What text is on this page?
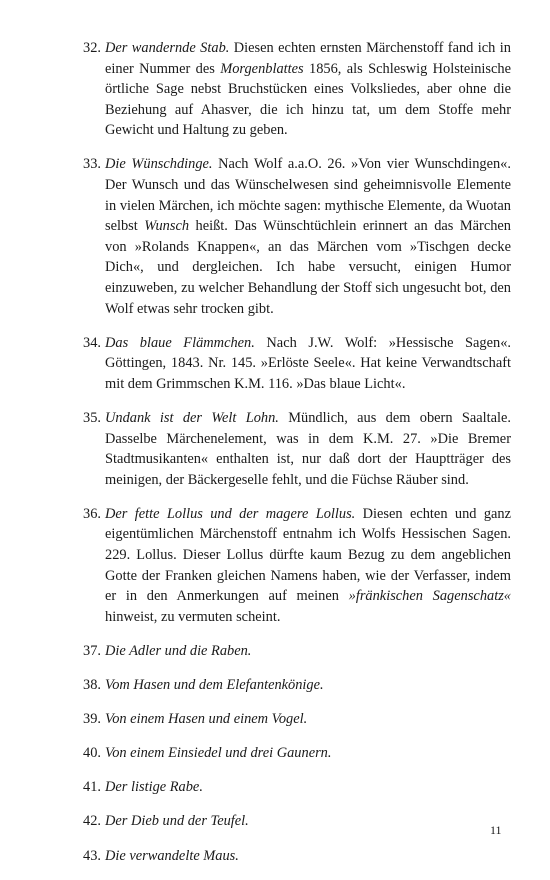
32. Der wandernde Stab. Diesen echten ernsten Märchenstoff fand ich in einer Nummer des Morgenblattes 1856, als Schleswig Holsteinische örtliche Sage nebst Bruchstücken eines Volksliedes, aber ohne die Beziehung auf Ahasver, die ich hinzu tat, um dem Stoffe mehr Gewicht und Haltung zu geben.

33. Die Wünschdinge. Nach Wolf a.a.O. 26. »Von vier Wunschdingen«. Der Wunsch und das Wünschelwesen sind geheimnisvolle Elemente in vielen Märchen, ich möchte sagen: mythische Elemente, da Wuotan selbst Wunsch heißt. Das Wünschtüchlein erinnert an das Märchen von »Rolands Knappen«, an das Märchen vom »Tischgen decke Dich«, und dergleichen. Ich habe versucht, einigen Humor einzuweben, zu welcher Behandlung der Stoff sich ungesucht bot, den Wolf etwas sehr trocken gibt.

34. Das blaue Flämmchen. Nach J.W. Wolf: »Hessische Sagen«. Göttingen, 1843. Nr. 145. »Erlöste Seele«. Hat keine Verwandtschaft mit dem Grimmschen K.M. 116. »Das blaue Licht«.

35. Undank ist der Welt Lohn. Mündlich, aus dem obern Saaltale. Dasselbe Märchenelement, was in dem K.M. 27. »Die Bremer Stadtmusikanten« enthalten ist, nur daß dort der Hauptträger des meinigen, der Bäckergeselle fehlt, und die Füchse Räuber sind.

36. Der fette Lollus und der magere Lollus. Diesen echten und ganz eigentümlichen Märchenstoff entnahm ich Wolfs Hessischen Sagen. 229. Lollus. Dieser Lollus dürfte kaum Bezug zu dem angeblichen Gotte der Franken gleichen Namens haben, wie der Verfasser, indem er in den Anmerkungen auf meinen »fränkischen Sagenschatz« hinweist, zu vermuten scheint.

37. Die Adler und die Raben.

38. Vom Hasen und dem Elefantenkönige.

39. Von einem Hasen und einem Vogel.

40. Von einem Einsiedel und drei Gaunern.

41. Der listige Rabe.

42. Der Dieb und der Teufel.

43. Die verwandelte Maus.

11
